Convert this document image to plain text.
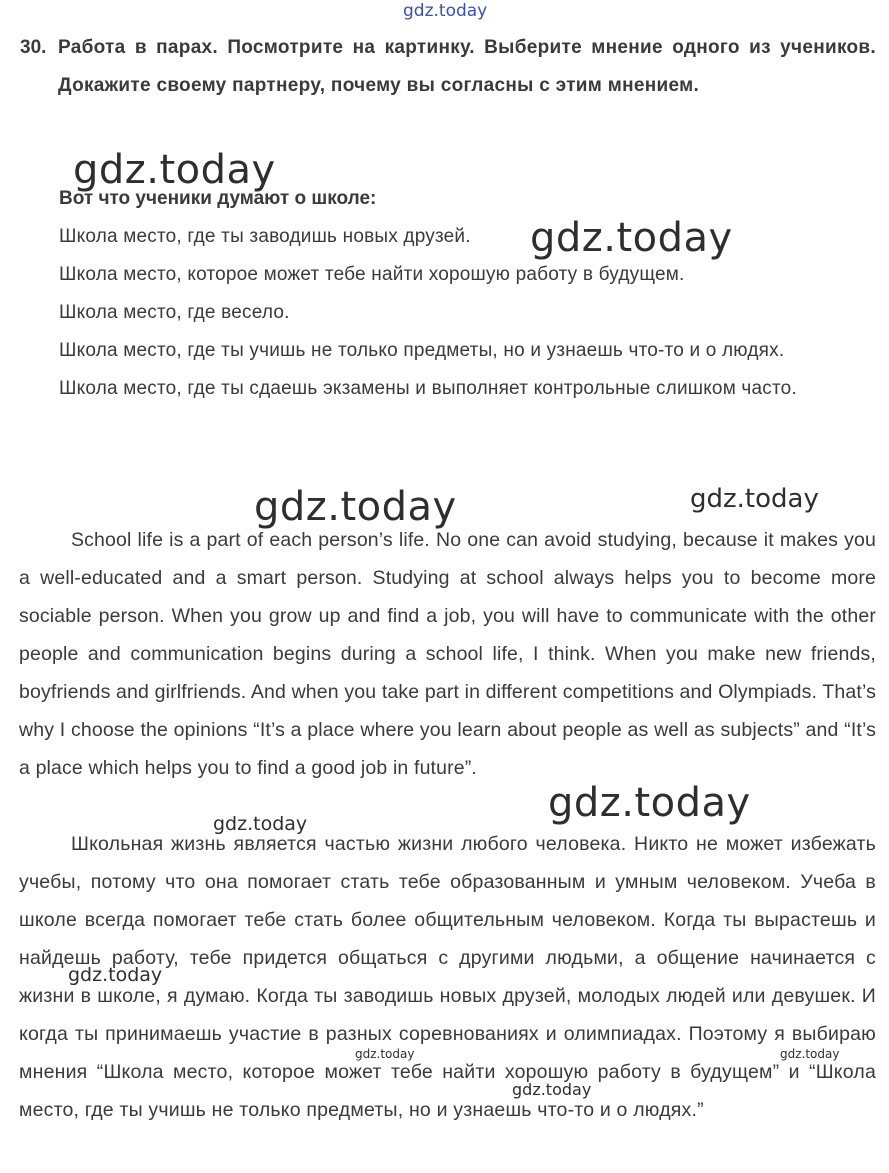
30. Работа в парах. Посмотрите на картинку. Выберите мнение одного из учеников. Докажите своему партнеру, почему вы согласны с этим мнением.
Вот что ученики думают о школе:
Школа место, где ты заводишь новых друзей.
Школа место, которое может тебе найти хорошую работу в будущем.
Школа место, где весело.
Школа место, где ты учишь не только предметы, но и узнаешь что-то и о людях.
Школа место, где ты сдаешь экзамены и выполняет контрольные слишком часто.

School life is a part of each person’s life. No one can avoid studying, because it makes you a well-educated and a smart person. Studying at school always helps you to become more sociable person. When you grow up and find a job, you will have to communicate with the other people and communication begins during a school life, I think. When you make new friends, boyfriends and girlfriends. And when you take part in different competitions and Olympiads. That’s why I choose the opinions “It’s a place where you learn about people as well as subjects” and “It’s a place which helps you to find a good job in future”.

Школьная жизнь является частью жизни любого человека. Никто не может избежать учебы, потому что она помогает стать тебе образованным и умным человеком. Учеба в школе всегда помогает тебе стать более общительным человеком. Когда ты вырастешь и найдешь работу, тебе придется общаться с другими людьми, а общение начинается с жизни в школе, я думаю. Когда ты заводишь новых друзей, молодых людей или девушек. И когда ты принимаешь участие в разных соревнованиях и олимпиадах. Поэтому я выбираю мнения “Школа место, которое может тебе найти хорошую работу в будущем” и “Школа место, где ты учишь не только предметы, но и узнаешь что-то и о людях.”

gdz.today
gdz.today
gdz.today
gdz.today	gdz.today
gdz.today
gdz.today
gdz.today
gdz.today	gdz.today
gdz.today
